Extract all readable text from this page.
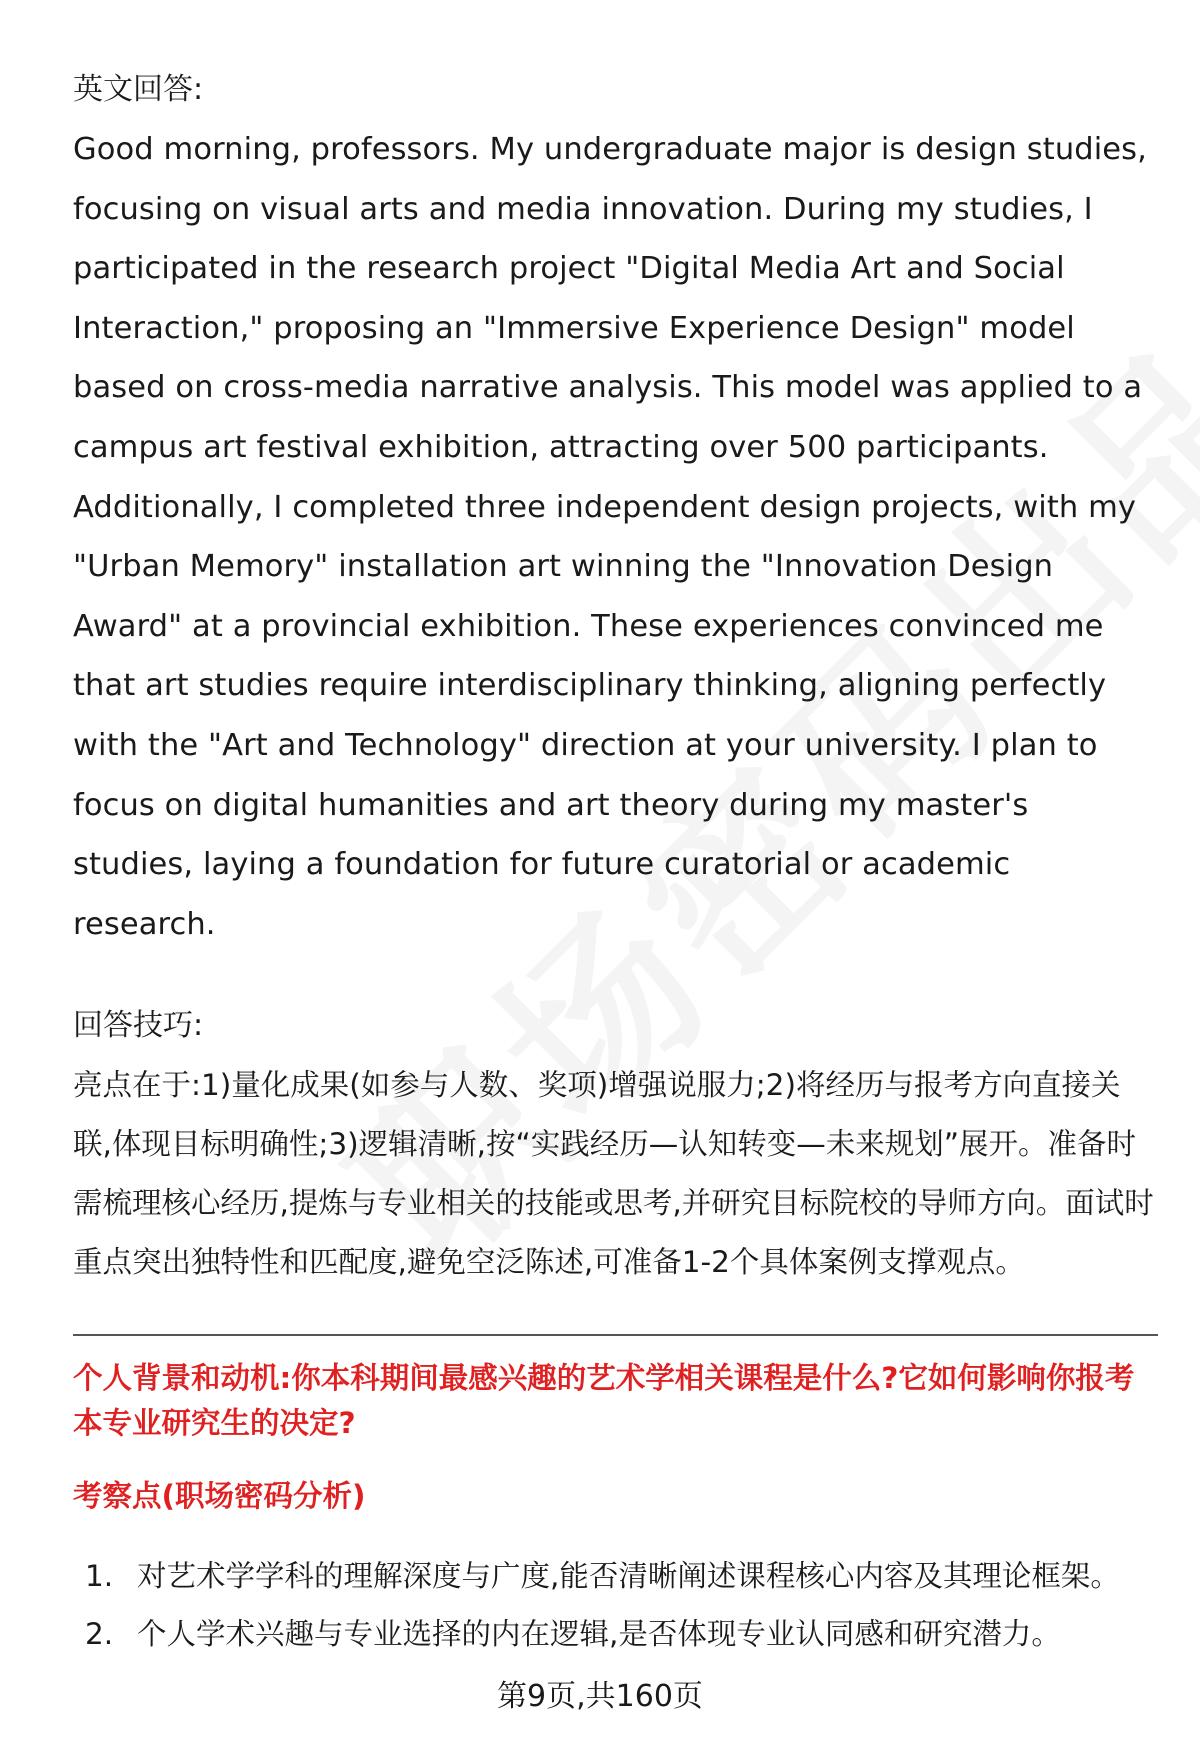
英文回答:

Good morning, professors. My undergraduate major is design studies, focusing on visual arts and media innovation. During my studies, I participated in the research project "Digital Media Art and Social Interaction," proposing an "Immersive Experience Design" model based on cross-media narrative analysis. This model was applied to a campus art festival exhibition, attracting over 500 participants. Additionally, I completed three independent design projects, with my "Urban Memory" installation art winning the "Innovation Design Award" at a provincial exhibition. These experiences convinced me that art studies require interdisciplinary thinking, aligning perfectly with the "Art and Technology" direction at your university. I plan to focus on digital humanities and art theory during my master's studies, laying a foundation for future curatorial or academic research.

回答技巧:

亮点在于:1)量化成果(如参与人数、奖项)增强说服力;2)将经历与报考方向直接关联,体现目标明确性;3)逻辑清晰,按“实践经历—认知转变—未来规划”展开。准备时需梳理核心经历,提炼与专业相关的技能或思考,并研究目标院校的导师方向。面试时重点突出独特性和匹配度,避免空泛陈述,可准备1-2个具体案例支撑观点。

个人背景和动机:你本科期间最感兴趣的艺术学相关课程是什么?它如何影响你报考本专业研究生的决定?

考察点(职场密码分析)

1. 对艺术学学科的理解深度与广度,能否清晰阐述课程核心内容及其理论框架。
2. 个人学术兴趣与专业选择的内在逻辑,是否体现专业认同感和研究潜力。
第9页,共160页
